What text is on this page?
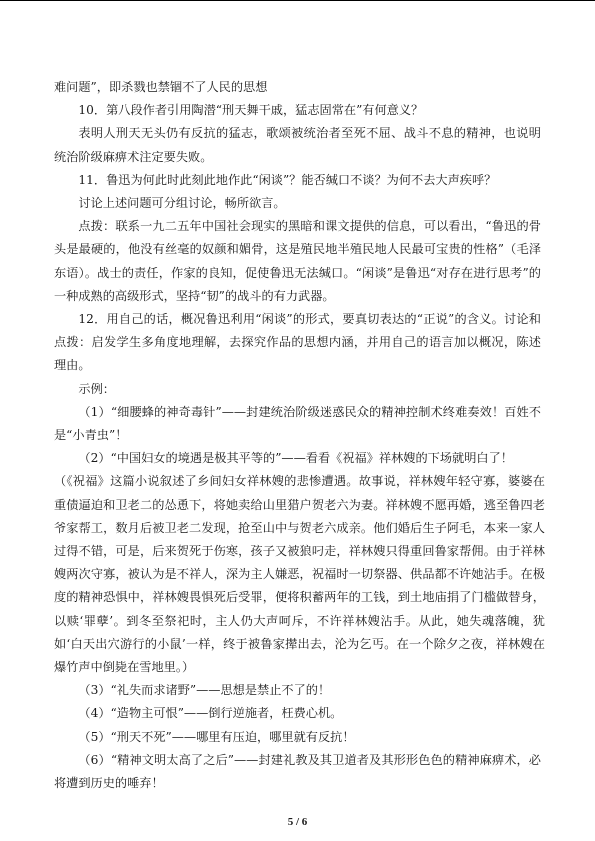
难问题”，即杀戮也禁锢不了人民的思想

10．第八段作者引用陶潜“刑天舞干戚，猛志固常在”有何意义？

表明人刑天无头仍有反抗的猛志，歌颂被统治者至死不屈、战斗不息的精神，也说明统治阶级麻痹术注定要失败。

11．鲁迅为何此时此刻此地作此“闲谈”？能否缄口不谈？为何不去大声疾呼？

讨论上述问题可分组讨论，畅所欲言。

点拨：联系一九二五年中国社会现实的黑暗和课文提供的信息，可以看出，“鲁迅的骨头是最硬的，他没有丝毫的奴颜和媚骨，这是殖民地半殖民地人民最可宝贵的性格”（毛泽东语）。战士的责任，作家的良知，促使鲁迅无法缄口。“闲谈”是鲁迅“对存在进行思考”的一种成熟的高级形式，坚持“韧”的战斗的有力武器。

12．用自己的话，概况鲁迅利用“闲谈”的形式，要真切表达的“正说”的含义。讨论和点拨：启发学生多角度地理解，去探究作品的思想内涵，并用自己的语言加以概况，陈述理由。

示例：

（1）“细腰蜂的神奇毒针”——封建统治阶级迷惑民众的精神控制术终难奏效！百姓不是“小青虫”！

（2）“中国妇女的境遇是极其平等的”——看看《祝福》祥林嫂的下场就明白了！

（《祝福》这篇小说叙述了乡间妇女祥林嫂的悲惨遭遇。故事说，祥林嫂年轻守寡，婆婆在重债逼迫和卫老二的怂恿下，将她卖给山里猎户贺老六为妻。祥林嫂不愿再婚，逃至鲁四老爷家帮工，数月后被卫老二发现，抢至山中与贺老六成亲。他们婚后生子阿毛，本来一家人过得不错，可是，后来贺死于伤寒，孩子又被狼叼走，祥林嫂只得重回鲁家帮佣。由于祥林嫂两次守寡，被认为是不祥人，深为主人嫌恶，祝福时一切祭器、供品都不许她沾手。在极度的精神恐惧中，祥林嫂畏惧死后受罪，便将积蓄两年的工钱，到土地庙捐了门槛做替身，以赎‘罪孽’。到冬至祭祀时，主人仍大声呵斥，不许祥林嫂沾手。从此，她失魂落魄，犹如‘白天出穴游行的小鼠’一样，终于被鲁家撵出去，沦为乞丐。在一个除夕之夜，祥林嫂在爆竹声中倒毙在雪地里。）

（3）“礼失而求诸野”——思想是禁止不了的！

（4）“造物主可恨”——倒行逆施者，枉费心机。

（5）“刑天不死”——哪里有压迫，哪里就有反抗！

（6）“精神文明太高了之后”——封建礼教及其卫道者及其形形色色的精神麻痹术，必将遭到历史的唾弃！

5 / 6
